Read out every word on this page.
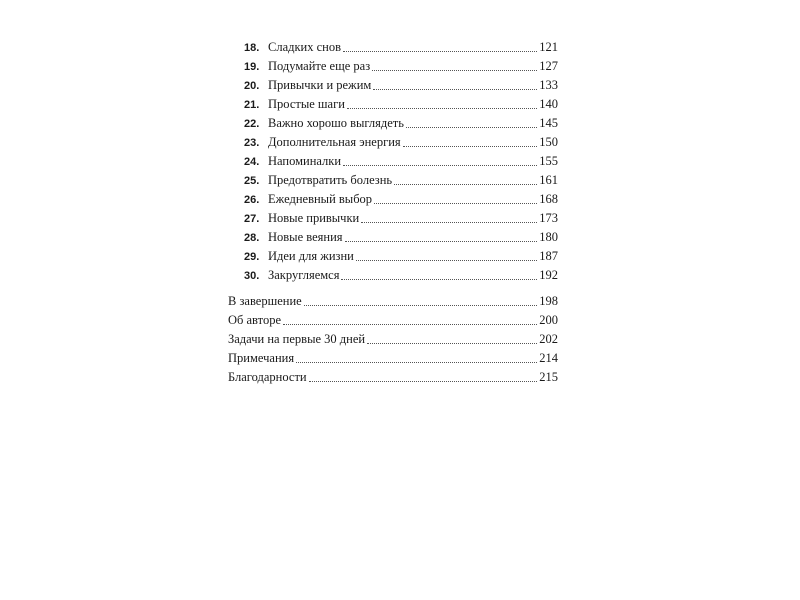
18. Сладких снов	121
19. Подумайте еще раз	127
20. Привычки и режим	133
21. Простые шаги	140
22. Важно хорошо выглядеть	145
23. Дополнительная энергия	150
24. Напоминалки	155
25. Предотвратить болезнь	161
26. Ежедневный выбор	168
27. Новые привычки	173
28. Новые веяния	180
29. Идеи для жизни	187
30. Закругляемся	192
В завершение	198
Об авторе	200
Задачи на первые 30 дней	202
Примечания	214
Благодарности	215
